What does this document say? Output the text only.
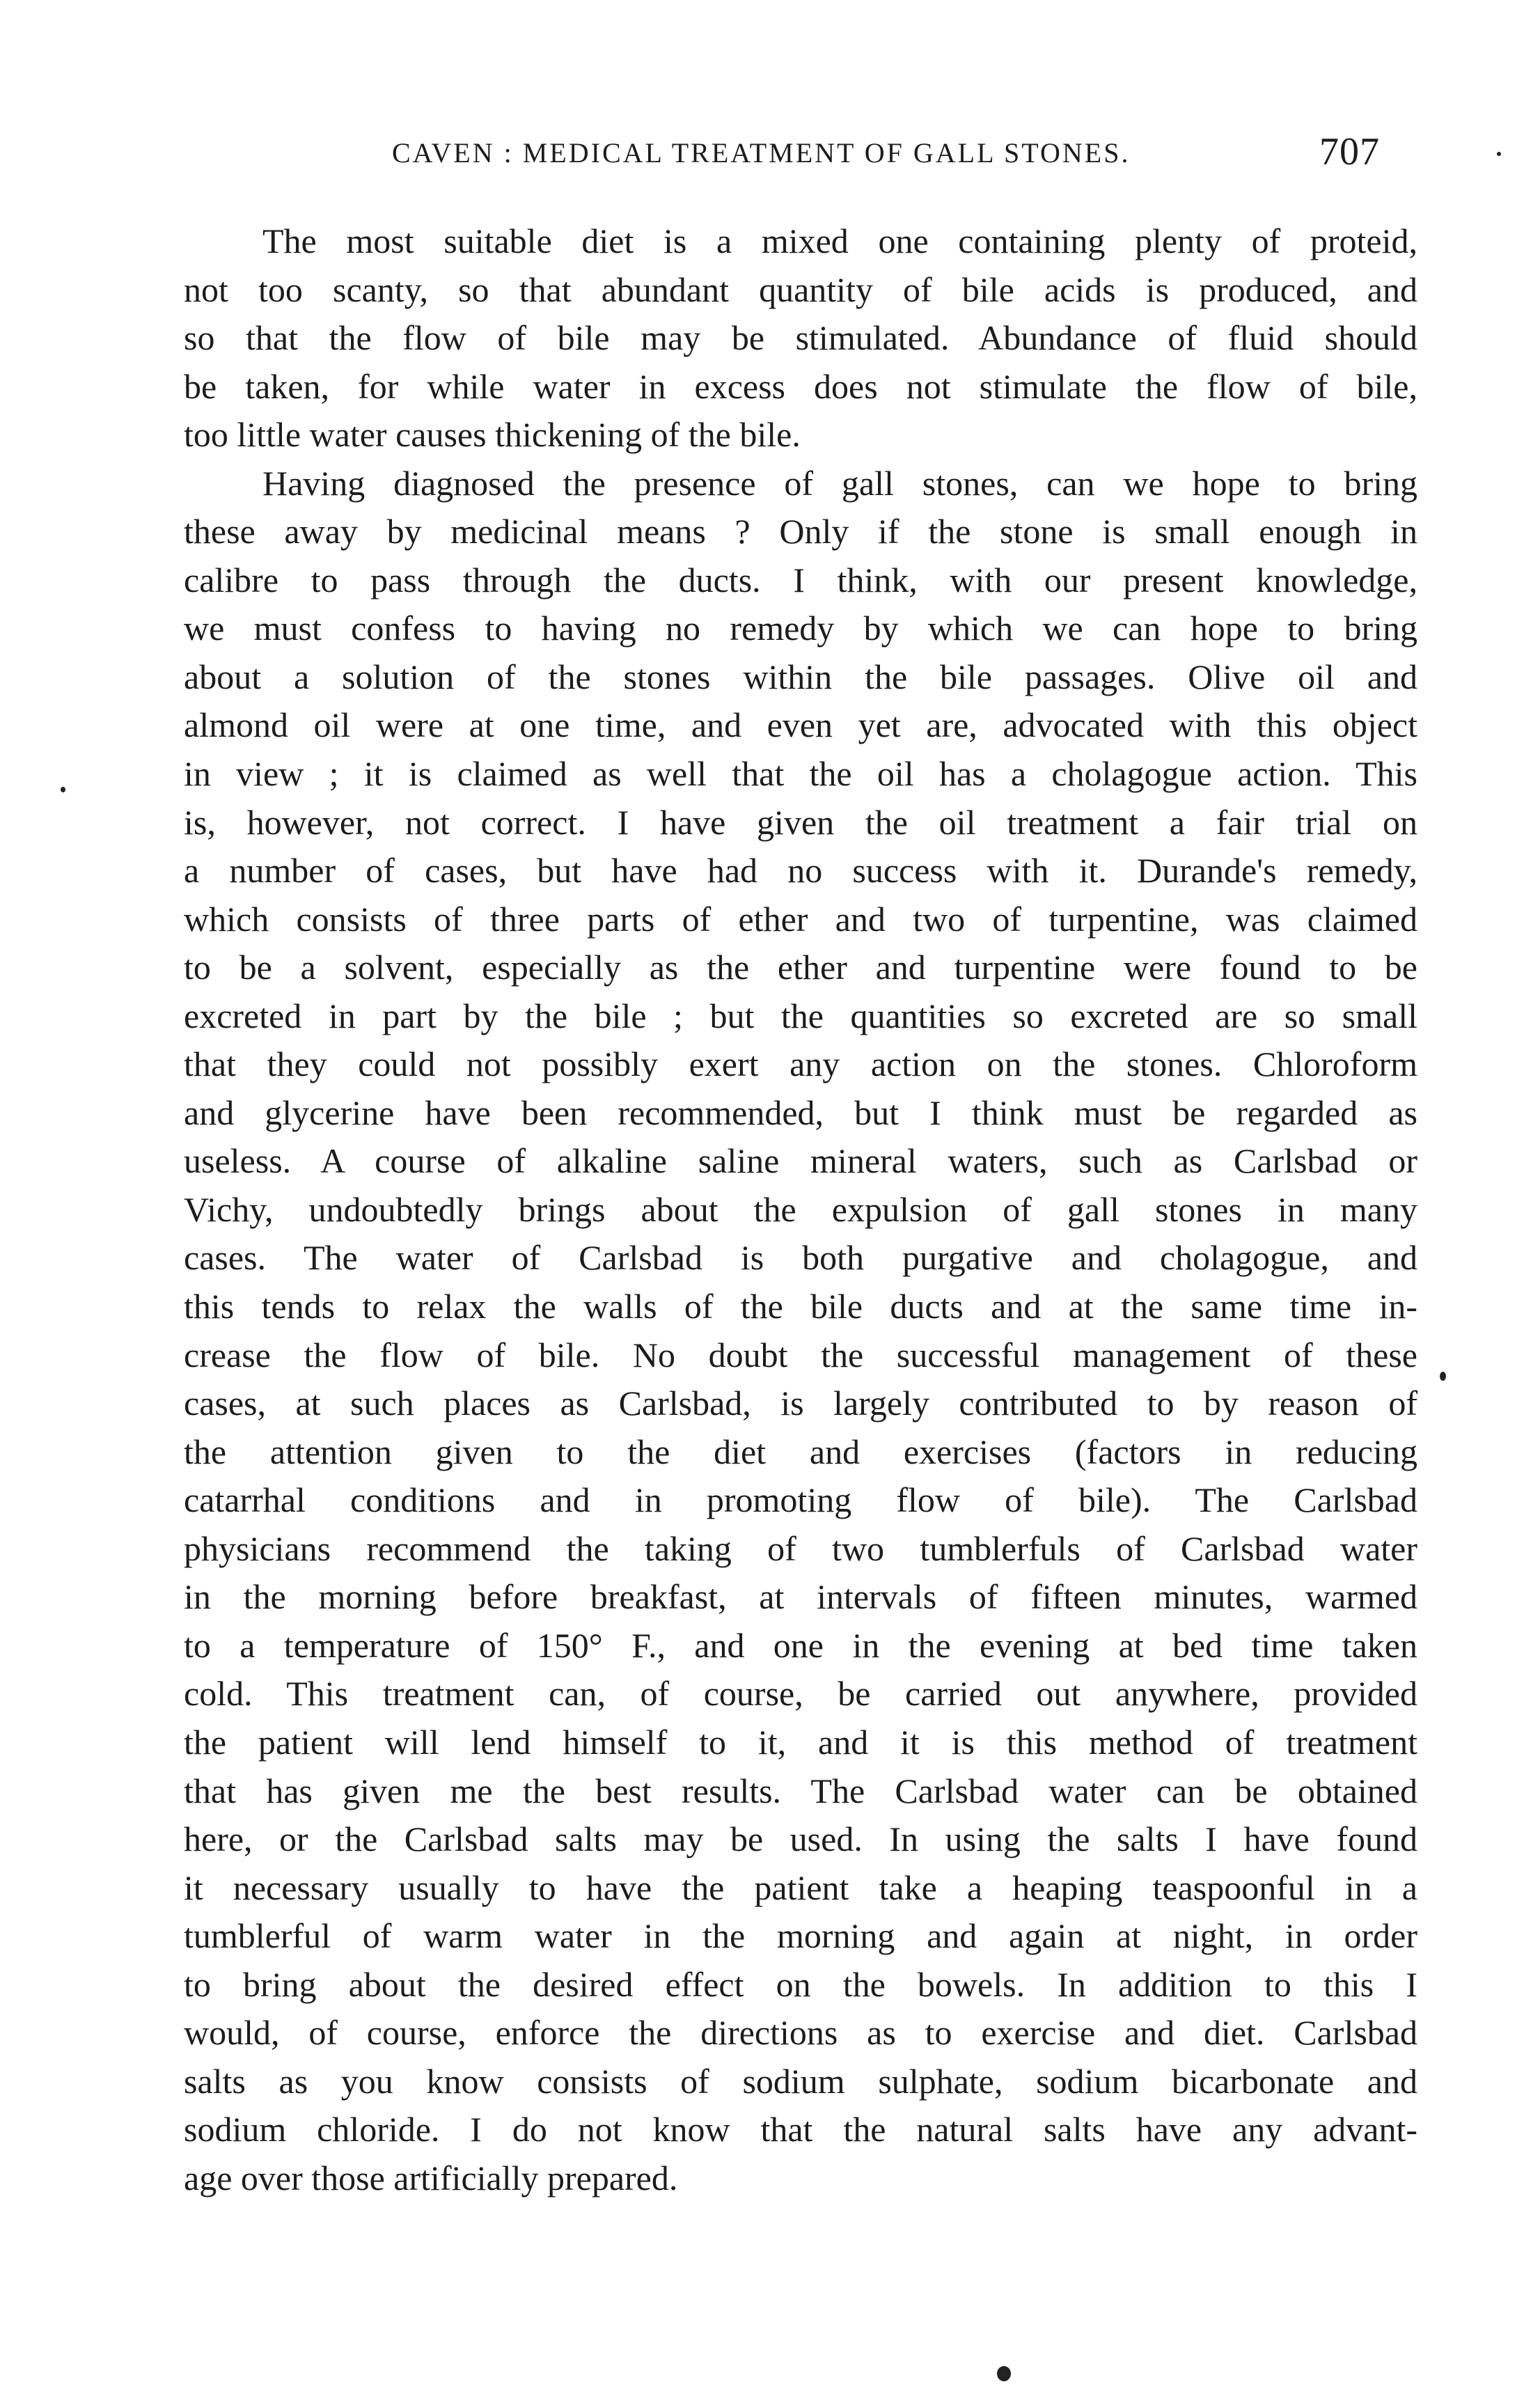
CAVEN : MEDICAL TREATMENT OF GALL STONES.	707
The most suitable diet is a mixed one containing plenty of proteid,
not too scanty, so that abundant quantity of bile acids is produced, and
so that the flow of bile may be stimulated. Abundance of fluid should
be taken, for while water in excess does not stimulate the flow of bile,
too little water causes thickening of the bile.
Having diagnosed the presence of gall stones, can we hope to bring
these away by medicinal means ? Only if the stone is small enough in
calibre to pass through the ducts. I think, with our present knowledge,
we must confess to having no remedy by which we can hope to bring
about a solution of the stones within the bile passages. Olive oil and
almond oil were at one time, and even yet are, advocated with this object
in view ; it is claimed as well that the oil has a cholagogue action. This
is, however, not correct. I have given the oil treatment a fair trial on
a number of cases, but have had no success with it. Durande's remedy,
which consists of three parts of ether and two of turpentine, was claimed
to be a solvent, especially as the ether and turpentine were found to be
excreted in part by the bile ; but the quantities so excreted are so small
that they could not possibly exert any action on the stones. Chloroform
and glycerine have been recommended, but I think must be regarded as
useless. A course of alkaline saline mineral waters, such as Carlsbad or
Vichy, undoubtedly brings about the expulsion of gall stones in many
cases. The water of Carlsbad is both purgative and cholagogue, and
this tends to relax the walls of the bile ducts and at the same time in-
crease the flow of bile. No doubt the successful management of these
cases, at such places as Carlsbad, is largely contributed to by reason of
the attention given to the diet and exercises (factors in reducing
catarrhal conditions and in promoting flow of bile). The Carlsbad
physicians recommend the taking of two tumblerfuls of Carlsbad water
in the morning before breakfast, at intervals of fifteen minutes, warmed
to a temperature of 150° F., and one in the evening at bed time taken
cold. This treatment can, of course, be carried out anywhere, provided
the patient will lend himself to it, and it is this method of treatment
that has given me the best results. The Carlsbad water can be obtained
here, or the Carlsbad salts may be used. In using the salts I have found
it necessary usually to have the patient take a heaping teaspoonful in a
tumblerful of warm water in the morning and again at night, in order
to bring about the desired effect on the bowels. In addition to this I
would, of course, enforce the directions as to exercise and diet. Carlsbad
salts as you know consists of sodium sulphate, sodium bicarbonate and
sodium chloride. I do not know that the natural salts have any advant-
age over those artificially prepared.
